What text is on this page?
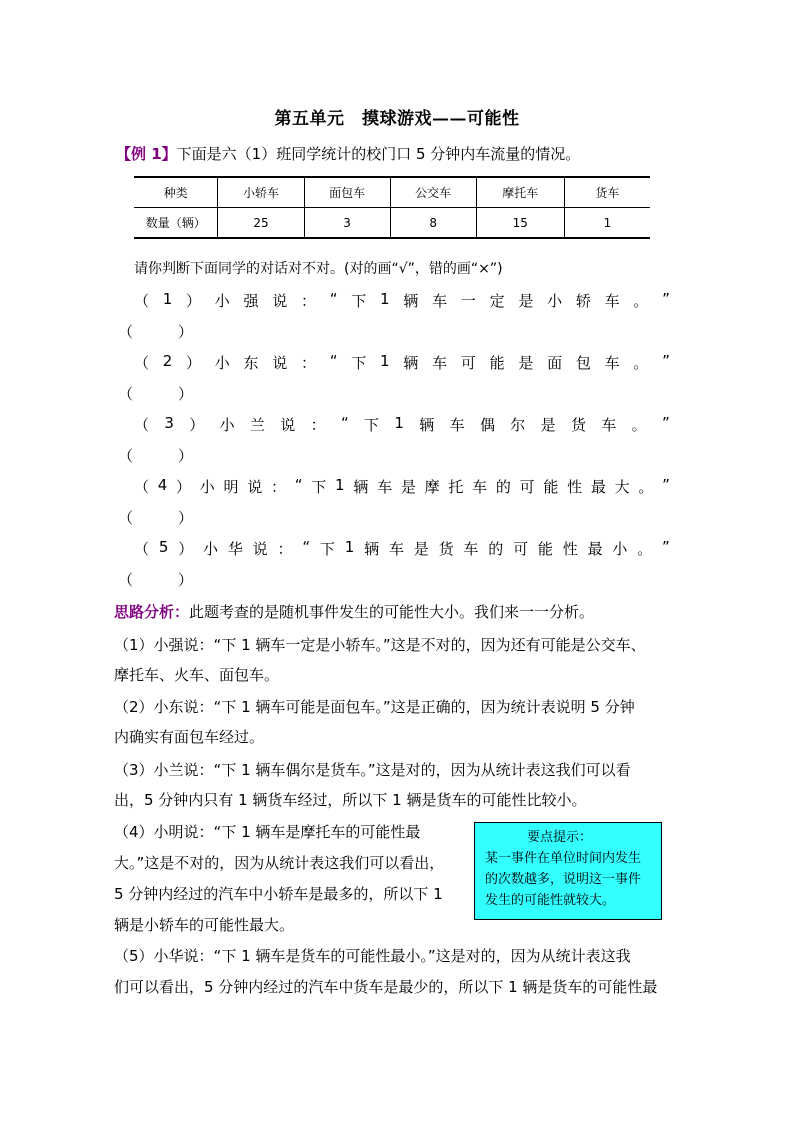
第五单元　摸球游戏——可能性
【例 1】下面是六（1）班同学统计的校门口 5 分钟内车流量的情况。
种类	小轿车	面包车	公交车	摩托车	货车
数量（辆）	25	3	8	15	1
请你判断下面同学的对话对不对。(对的画“√”，错的画“×”)
（ 1 ） 小 强 说 ： “ 下 1 辆 车 一 定 是 小 轿 车 。 ”
（　　　）
（ 2 ） 小 东 说 ： “ 下 1 辆 车 可 能 是 面 包 车 。 ”
（　　　）
（ 3 ） 小 兰 说 ： “ 下 1 辆 车 偶 尔 是 货 车 。 ”
（　　　）
（ 4 ） 小 明 说 ： “ 下 1 辆 车 是 摩 托 车 的 可 能 性 最 大 。 ”
（　　　）
（ 5 ） 小 华 说 ： “ 下 1 辆 车 是 货 车 的 可 能 性 最 小 。 ”
（　　　）
思路分析：此题考查的是随机事件发生的可能性大小。我们来一一分析。
（1）小强说：“下 1 辆车一定是小轿车。”这是不对的，因为还有可能是公交车、
摩托车、火车、面包车。
（2）小东说：“下 1 辆车可能是面包车。”这是正确的，因为统计表说明 5 分钟
内确实有面包车经过。
（3）小兰说：“下 1 辆车偶尔是货车。”这是对的，因为从统计表这我们可以看
出，5 分钟内只有 1 辆货车经过，所以下 1 辆是货车的可能性比较小。
（4）小明说：“下 1 辆车是摩托车的可能性最
大。”这是不对的，因为从统计表这我们可以看出，
5 分钟内经过的汽车中小轿车是最多的，所以下 1
辆是小轿车的可能性最大。
（5）小华说：“下 1 辆车是货车的可能性最小。”这是对的，因为从统计表这我
们可以看出，5 分钟内经过的汽车中货车是最少的，所以下 1 辆是货车的可能性最
要点提示：
某一事件在单位时间内发生
的次数越多，说明这一事件
发生的可能性就较大。
